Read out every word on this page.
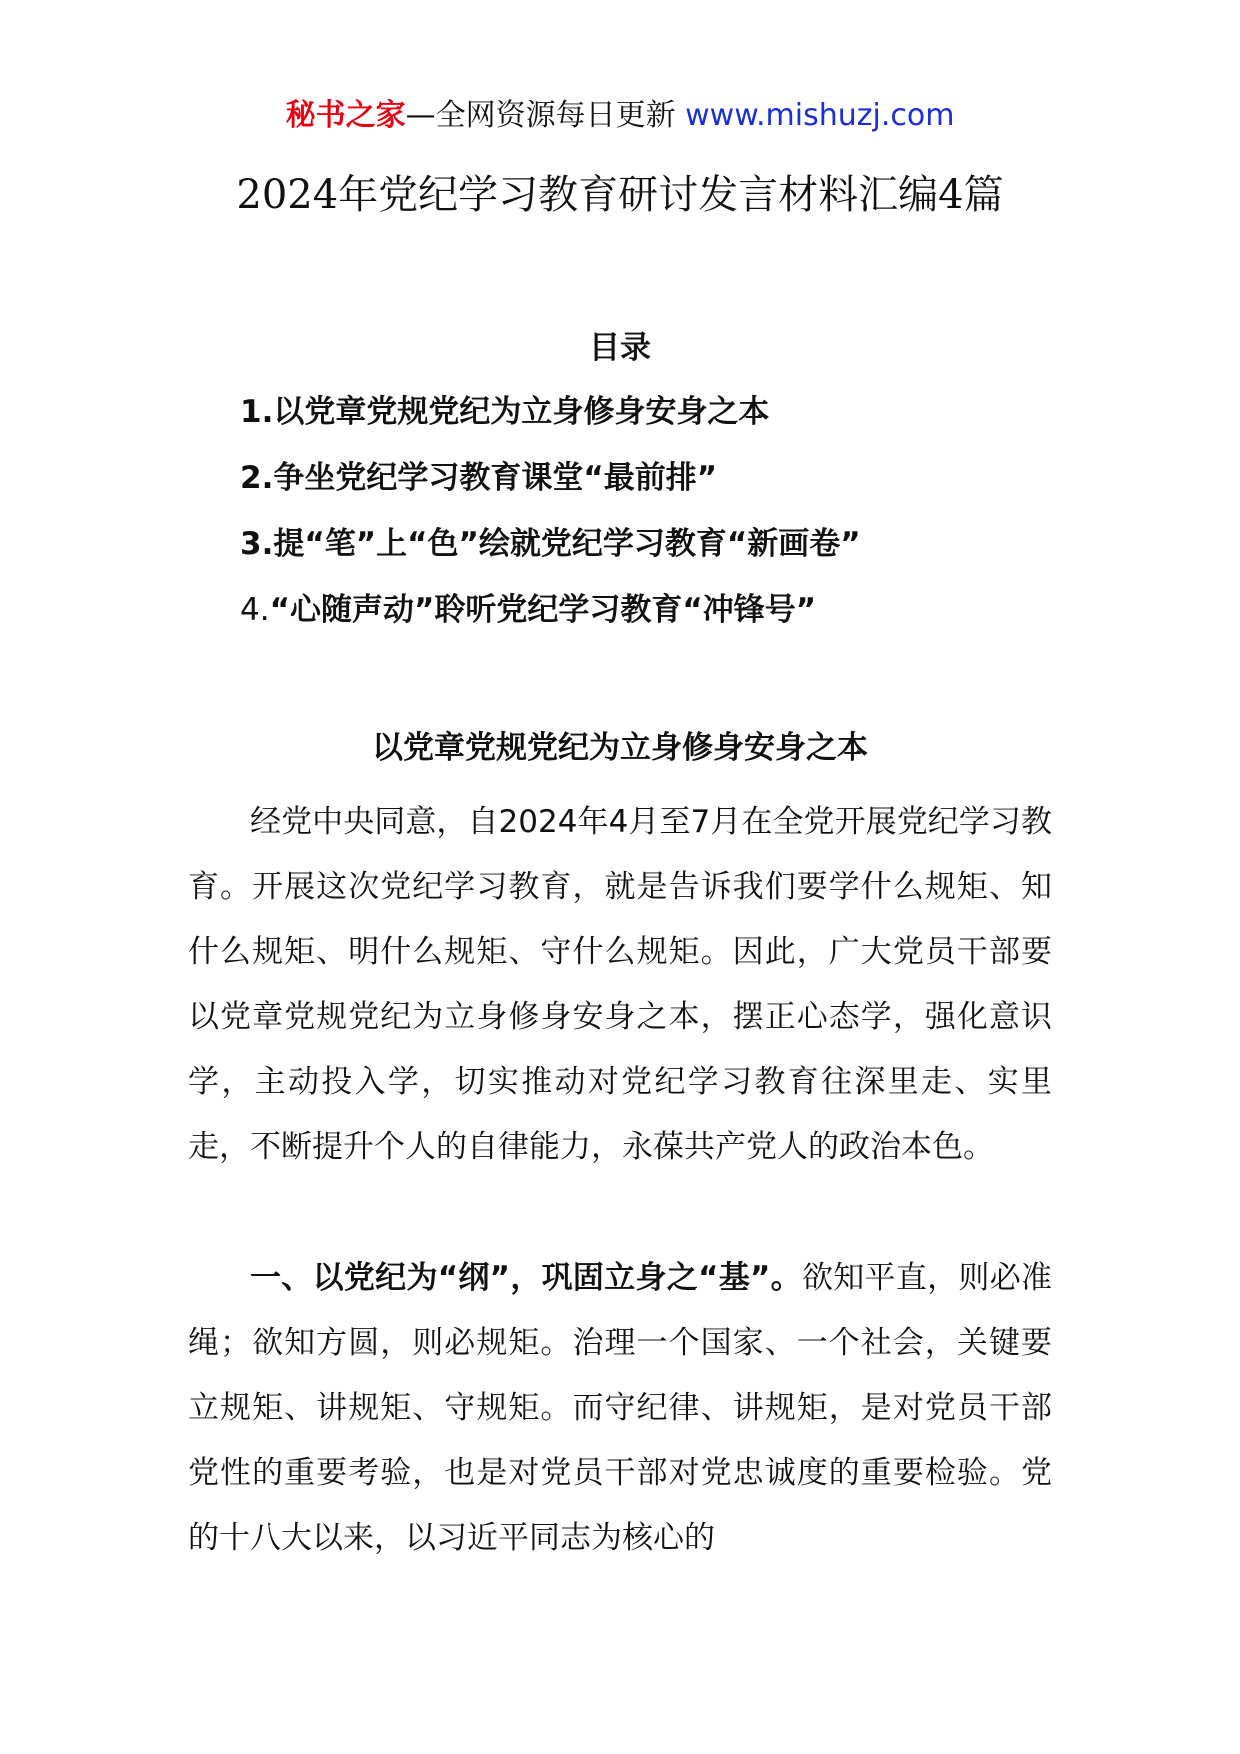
秘书之家—全网资源每日更新 www.mishuzj.com
2024年党纪学习教育研讨发言材料汇编4篇
目录
1.以党章党规党纪为立身修身安身之本
2.争坐党纪学习教育课堂“最前排”
3.提“笔”上“色”绘就党纪学习教育“新画卷”
4.“心随声动”聆听党纪学习教育“冲锋号”
以党章党规党纪为立身修身安身之本

经党中央同意，自2024年4月至7月在全党开展党纪学习教育。开展这次党纪学习教育，就是告诉我们要学什么规矩、知什么规矩、明什么规矩、守什么规矩。因此，广大党员干部要以党章党规党纪为立身修身安身之本，摆正心态学，强化意识学，主动投入学，切实推动对党纪学习教育往深里走、实里走，不断提升个人的自律能力，永葆共产党人的政治本色。

一、以党纪为“纲”，巩固立身之“基”。欲知平直，则必准绳；欲知方圆，则必规矩。治理一个国家、一个社会，关键要立规矩、讲规矩、守规矩。而守纪律、讲规矩，是对党员干部党性的重要考验，也是对党员干部对党忠诚度的重要检验。党的十八大以来，以习近平同志为核心的
